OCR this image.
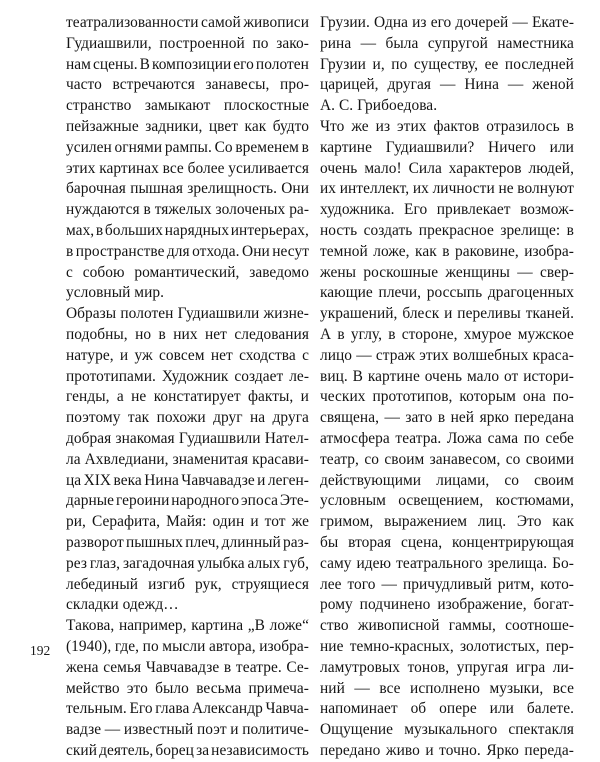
театрализованности самой живописи
Гудиашвили, построенной по зако-
нам сцены. В композиции его полотен
часто встречаются занавесы, про-
странство замыкают плоскостные
пейзажные задники, цвет как будто
усилен огнями рампы. Со временем в
этих картинах все более усиливается
барочная пышная зрелищность. Они
нуждаются в тяжелых золоченых ра-
мах, в больших нарядных интерьерах,
в пространстве для отхода. Они несут
с собою романтический, заведомо
условный мир.
Образы полотен Гудиашвили жизне-
подобны, но в них нет следования
натуре, и уж совсем нет сходства с
прототипами. Художник создает ле-
генды, а не констатирует факты, и
поэтому так похожи друг на друга
добрая знакомая Гудиашвили Нател-
ла Ахвледиани, знаменитая красави-
ца XIX века Нина Чавчавадзе и леген-
дарные героини народного эпоса Эте-
ри, Серафита, Майя: один и тот же
разворот пышных плеч, длинный раз-
рез глаз, загадочная улыбка алых губ,
лебединый изгиб рук, струящиеся
складки одежд…
Такова, например, картина „В ложе“
(1940), где, по мысли автора, изобра-
жена семья Чавчавадзе в театре. Се-
мейство это было весьма примеча-
тельным. Его глава Александр Чавча-
вадзе — известный поэт и политиче-
ский деятель, борец за независимость
Грузии. Одна из его дочерей — Екате-
рина — была супругой наместника
Грузии и, по существу, ее последней
царицей, другая — Нина — женой
А. С. Грибоедова.
Что же из этих фактов отразилось в
картине Гудиашвили? Ничего или
очень мало! Сила характеров людей,
их интеллект, их личности не волнуют
художника. Его привлекает возмож-
ность создать прекрасное зрелище: в
темной ложе, как в раковине, изобра-
жены роскошные женщины — свер-
кающие плечи, россыпь драгоценных
украшений, блеск и переливы тканей.
А в углу, в стороне, хмурое мужское
лицо — страж этих волшебных краса-
виц. В картине очень мало от истори-
ческих прототипов, которым она по-
священа, — зато в ней ярко передана
атмосфера театра. Ложа сама по себе
театр, со своим занавесом, со своими
действующими лицами, со своим
условным освещением, костюмами,
гримом, выражением лиц. Это как
бы вторая сцена, концентрирующая
саму идею театрального зрелища. Бо-
лее того — причудливый ритм, кото-
рому подчинено изображение, богат-
ство живописной гаммы, соотноше-
ние темно-красных, золотистых, пер-
ламутровых тонов, упругая игра ли-
ний — все исполнено музыки, все
напоминает об опере или балете.
Ощущение музыкального спектакля
передано живо и точно. Ярко переда-
192
